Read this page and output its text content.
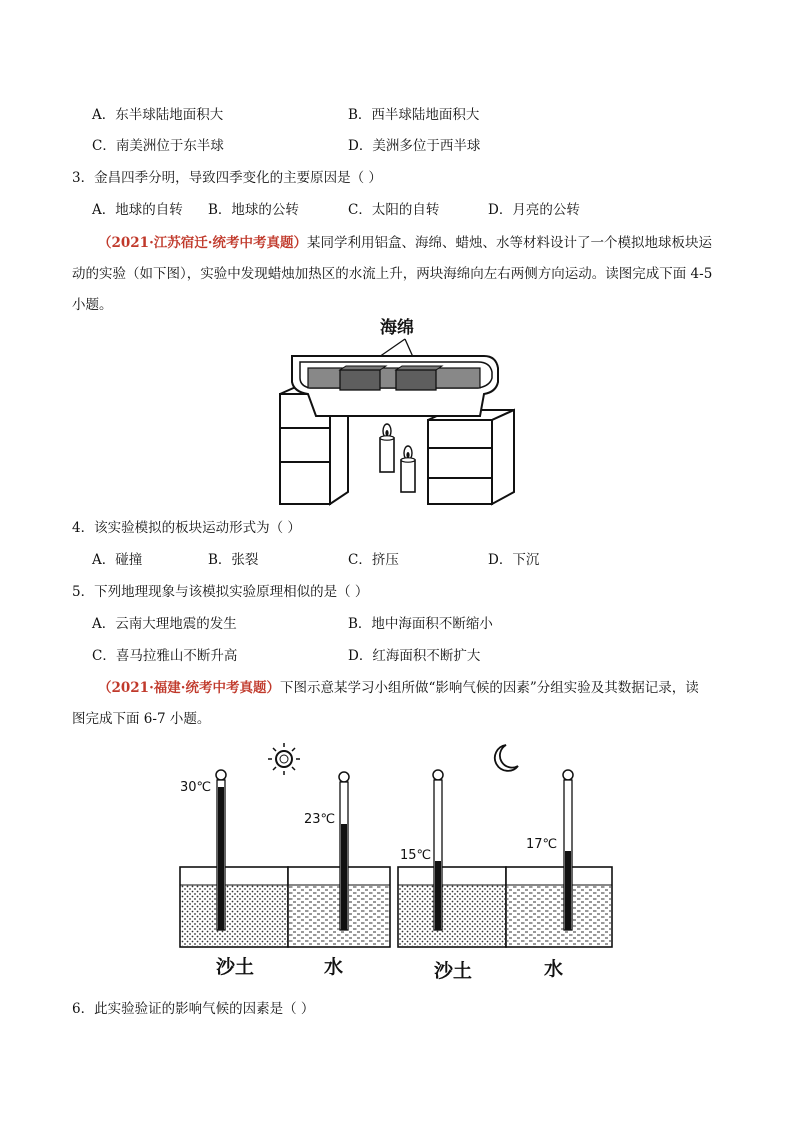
A．东半球陆地面积大	B．西半球陆地面积大
C．南美洲位于东半球	D．美洲多位于西半球
3．金昌四季分明，导致四季变化的主要原因是（ ）
A．地球的自转 B．地球的公转	C．太阳的自转	D．月亮的公转
（2021·江苏宿迁·统考中考真题）某同学利用铝盒、海绵、蜡烛、水等材料设计了一个模拟地球板块运
动的实验（如下图），实验中发现蜡烛加热区的水流上升，两块海绵向左右两侧方向运动。读图完成下面 4-5
小题。
海绵
4．该实验模拟的板块运动形式为（ ）
A．碰撞	B．张裂	C．挤压	D．下沉
5．下列地理现象与该模拟实验原理相似的是（ ）
A．云南大理地震的发生	B．地中海面积不断缩小
C．喜马拉雅山不断升高	D．红海面积不断扩大
（2021·福建·统考中考真题）下图示意某学习小组所做“影响气候的因素”分组实验及其数据记录，读
图完成下面 6-7 小题。
30℃
23℃
15℃
17℃
沙土	水	沙土	水
6．此实验验证的影响气候的因素是（ ）
